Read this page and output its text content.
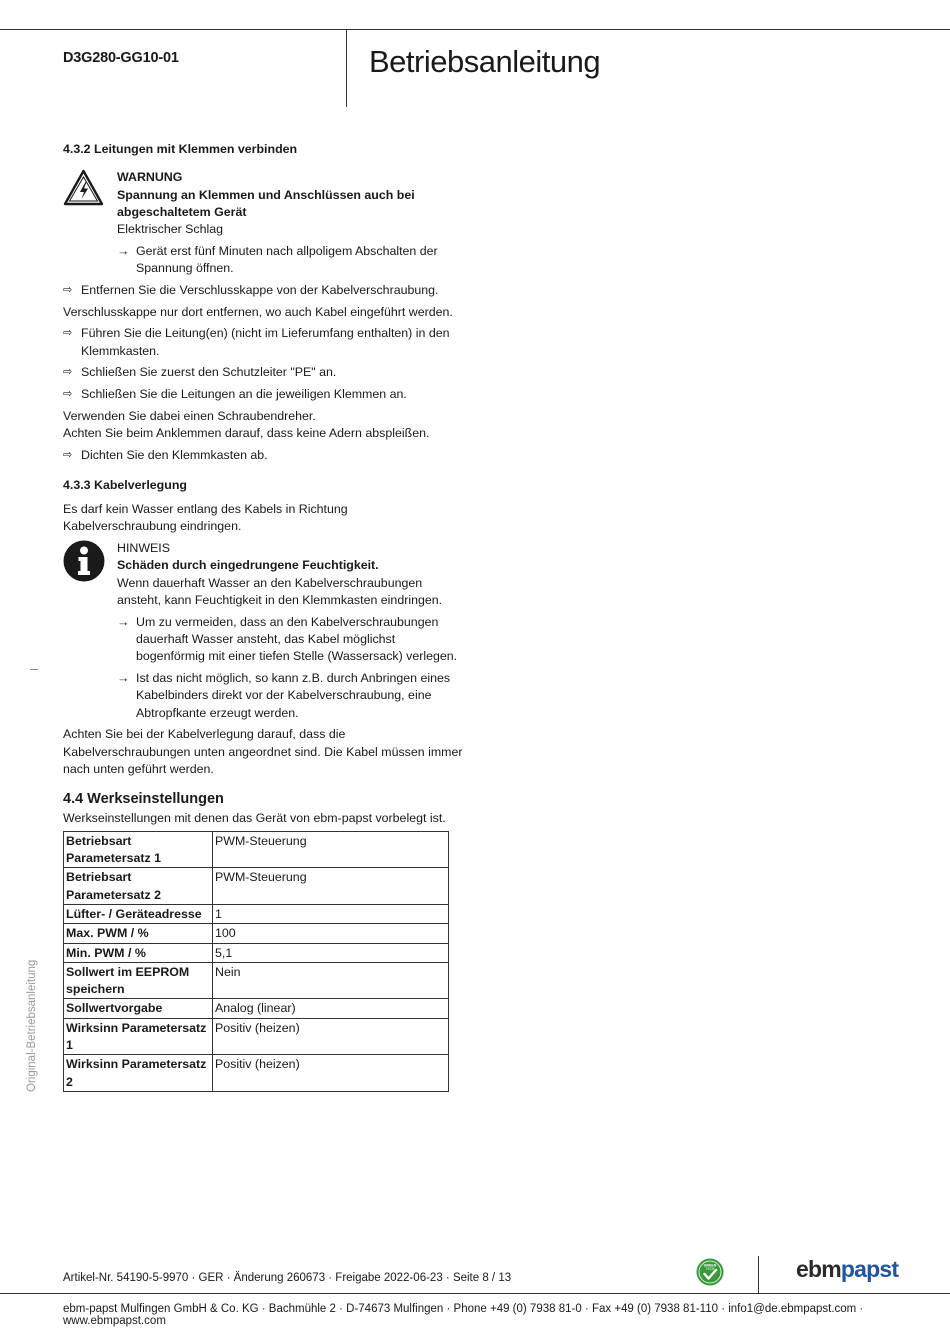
D3G280-GG10-01	Betriebsanleitung

4.3.2 Leitungen mit Klemmen verbinden

WARNUNG
Spannung an Klemmen und Anschlüssen auch bei abgeschaltetem Gerät
Elektrischer Schlag
→ Gerät erst fünf Minuten nach allpoligem Abschalten der Spannung öffnen.
⇨ Entfernen Sie die Verschlusskappe von der Kabelverschraubung.

Verschlusskappe nur dort entfernen, wo auch Kabel eingeführt werden.

⇨ Führen Sie die Leitung(en) (nicht im Lieferumfang enthalten) in den Klemmkasten.
⇨ Schließen Sie zuerst den Schutzleiter "PE" an.
⇨ Schließen Sie die Leitungen an die jeweiligen Klemmen an.

Verwenden Sie dabei einen Schraubendreher.

Achten Sie beim Anklemmen darauf, dass keine Adern abspleißen.

⇨ Dichten Sie den Klemmkasten ab.

4.3.3 Kabelverlegung

Es darf kein Wasser entlang des Kabels in Richtung Kabelverschraubung eindringen.

HINWEIS
Schäden durch eingedrungene Feuchtigkeit.
Wenn dauerhaft Wasser an den Kabelverschraubungen ansteht, kann Feuchtigkeit in den Klemmkasten eindringen.
→ Um zu vermeiden, dass an den Kabelverschraubungen dauerhaft Wasser ansteht, das Kabel möglichst bogenförmig mit einer tiefen Stelle (Wassersack) verlegen.
→ Ist das nicht möglich, so kann z.B. durch Anbringen eines Kabelbinders direkt vor der Kabelverschraubung, eine Abtropfkante erzeugt werden.

Achten Sie bei der Kabelverlegung darauf, dass die Kabelverschraubungen unten angeordnet sind. Die Kabel müssen immer nach unten geführt werden.

4.4 Werkseinstellungen

Werkseinstellungen mit denen das Gerät von ebm-papst vorbelegt ist.

Betriebsart Parametersatz 1	PWM-Steuerung
Betriebsart Parametersatz 2	PWM-Steuerung
Lüfter- / Geräteadresse	1
Max. PWM / %	100
Min. PWM / %	5,1
Sollwert im EEPROM speichern	Nein
Sollwertvorgabe	Analog (linear)
Wirksinn Parametersatz 1	Positiv (heizen)
Wirksinn Parametersatz 2	Positiv (heizen)
Original-Betriebsanleitung
Artikel-Nr. 54190-5-9970 · GER · Änderung 260673 · Freigabe 2022-06-23 · Seite 8 / 13
GREEN
TECH	ebmpapst
ebm-papst Mulfingen GmbH & Co. KG · Bachmühle 2 · D-74673 Mulfingen · Phone +49 (0) 7938 81-0 · Fax +49 (0) 7938 81-110 · info1@de.ebmpapst.com · www.ebmpapst.com
